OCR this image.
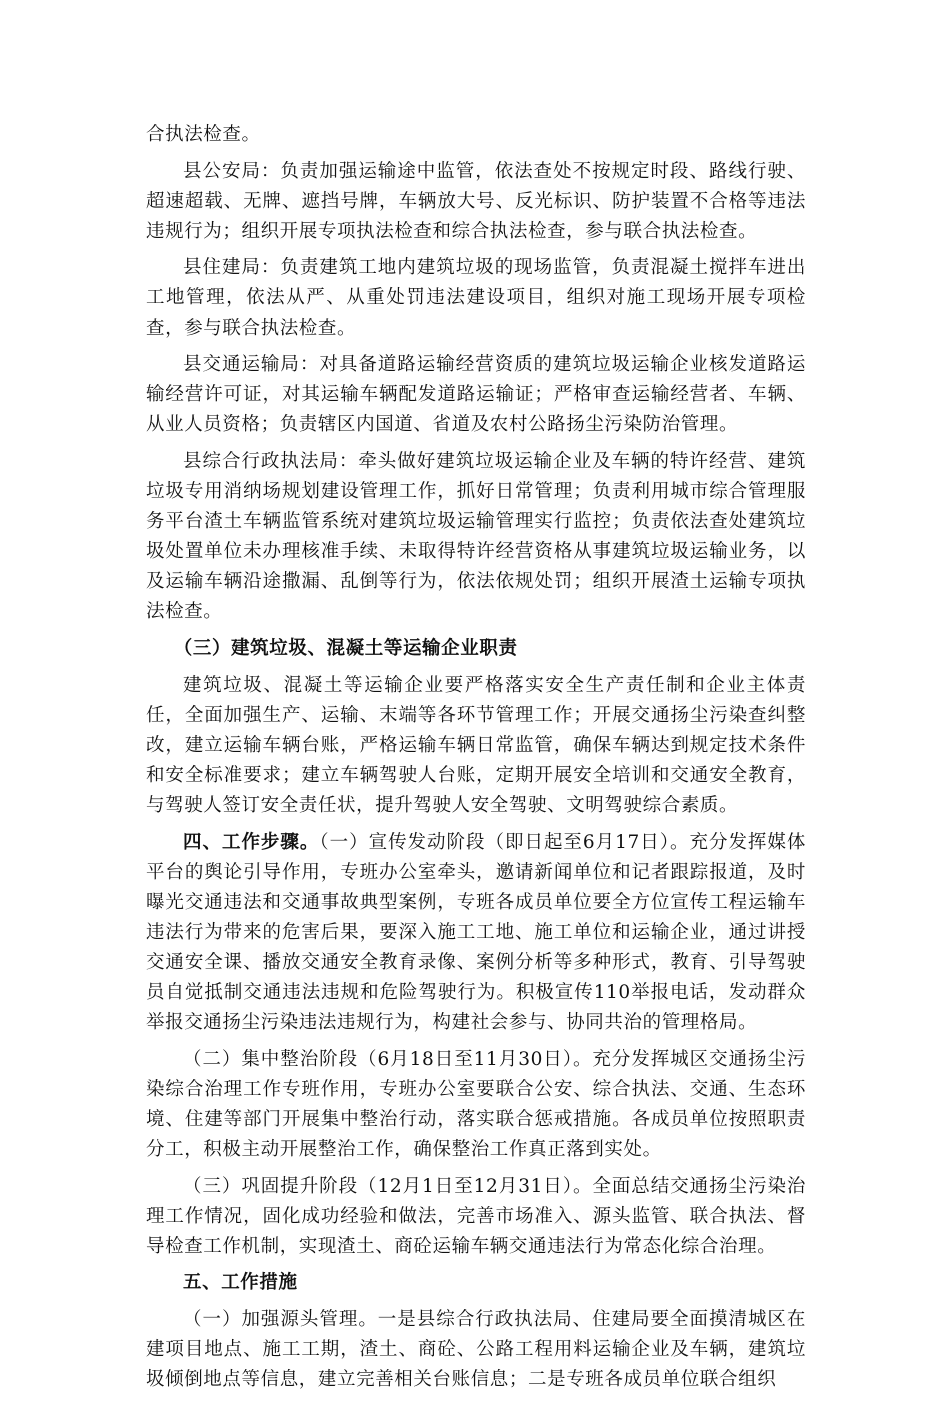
合执法检查。

县公安局：负责加强运输途中监管，依法查处不按规定时段、路线行驶、超速超载、无牌、遮挡号牌，车辆放大号、反光标识、防护装置不合格等违法违规行为；组织开展专项执法检查和综合执法检查，参与联合执法检查。

县住建局：负责建筑工地内建筑垃圾的现场监管，负责混凝土搅拌车进出工地管理，依法从严、从重处罚违法建设项目，组织对施工现场开展专项检查，参与联合执法检查。

县交通运输局：对具备道路运输经营资质的建筑垃圾运输企业核发道路运输经营许可证，对其运输车辆配发道路运输证；严格审查运输经营者、车辆、从业人员资格；负责辖区内国道、省道及农村公路扬尘污染防治管理。

县综合行政执法局：牵头做好建筑垃圾运输企业及车辆的特许经营、建筑垃圾专用消纳场规划建设管理工作，抓好日常管理；负责利用城市综合管理服务平台渣土车辆监管系统对建筑垃圾运输管理实行监控；负责依法查处建筑垃圾处置单位未办理核准手续、未取得特许经营资格从事建筑垃圾运输业务，以及运输车辆沿途撒漏、乱倒等行为，依法依规处罚；组织开展渣土运输专项执法检查。

（三）建筑垃圾、混凝土等运输企业职责

建筑垃圾、混凝土等运输企业要严格落实安全生产责任制和企业主体责任，全面加强生产、运输、末端等各环节管理工作；开展交通扬尘污染查纠整改，建立运输车辆台账，严格运输车辆日常监管，确保车辆达到规定技术条件和安全标准要求；建立车辆驾驶人台账，定期开展安全培训和交通安全教育，与驾驶人签订安全责任状，提升驾驶人安全驾驶、文明驾驶综合素质。

四、工作步骤。（一）宣传发动阶段（即日起至6月17日）。充分发挥媒体平台的舆论引导作用，专班办公室牵头，邀请新闻单位和记者跟踪报道，及时曝光交通违法和交通事故典型案例，专班各成员单位要全方位宣传工程运输车违法行为带来的危害后果，要深入施工工地、施工单位和运输企业，通过讲授交通安全课、播放交通安全教育录像、案例分析等多种形式，教育、引导驾驶员自觉抵制交通违法违规和危险驾驶行为。积极宣传110举报电话，发动群众举报交通扬尘污染违法违规行为，构建社会参与、协同共治的管理格局。

（二）集中整治阶段（6月18日至11月30日）。充分发挥城区交通扬尘污染综合治理工作专班作用，专班办公室要联合公安、综合执法、交通、生态环境、住建等部门开展集中整治行动，落实联合惩戒措施。各成员单位按照职责分工，积极主动开展整治工作，确保整治工作真正落到实处。

（三）巩固提升阶段（12月1日至12月31日）。全面总结交通扬尘污染治理工作情况，固化成功经验和做法，完善市场准入、源头监管、联合执法、督导检查工作机制，实现渣土、商砼运输车辆交通违法行为常态化综合治理。

五、工作措施

（一）加强源头管理。一是县综合行政执法局、住建局要全面摸清城区在建项目地点、施工工期，渣土、商砼、公路工程用料运输企业及车辆，建筑垃圾倾倒地点等信息，建立完善相关台账信息；二是专班各成员单位联合组织
